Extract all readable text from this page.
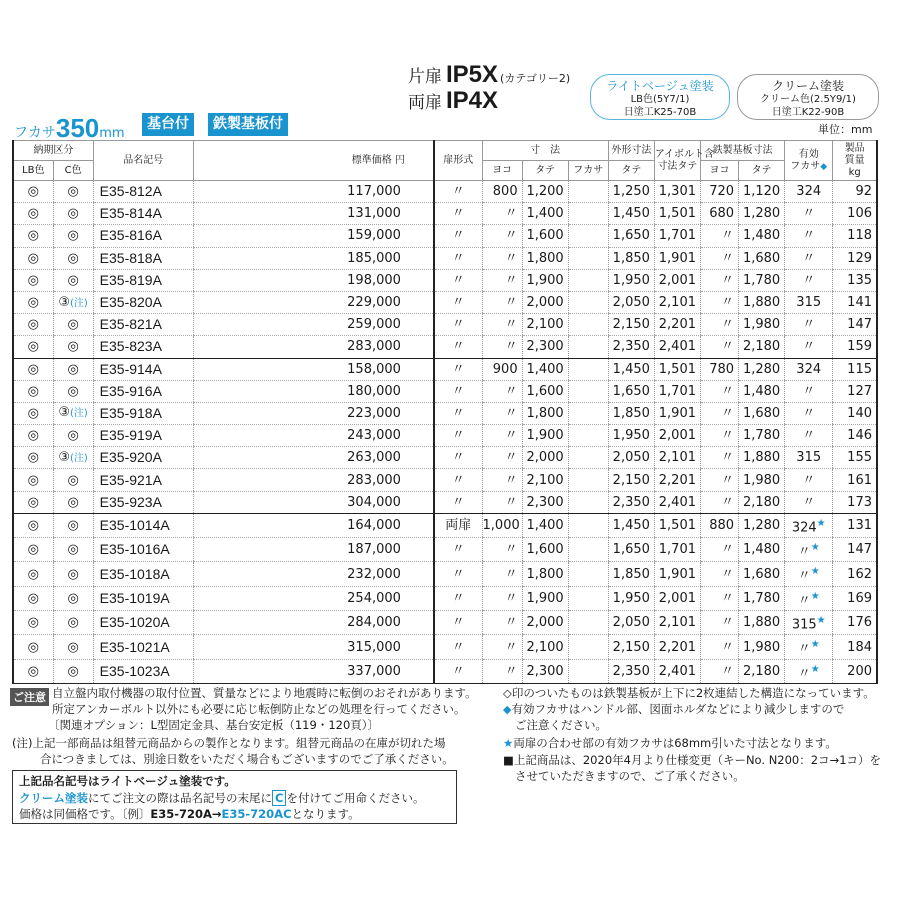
片扉 IP5X (カテゴリー2)
両扉 IP4X
ライトベージュ塗装
LB色(5Y7/1)
日塗工K25-70B
クリーム塗装
クリーム色(2.5Y9/1)
日塗工K22-90B
フカサ350mm
基台付	鉄製基板付	単位：mm
納期区分		品名記号	標準価格 円	扉形式	寸　法			外形寸法	アイボルト含
寸法タテ	鉄製基板寸法		有効
フカサ◆	製品
質量
kg
LB色	C色				ヨコ	タテ	フカサ	タテ		ヨコ	タテ		
◎	◎	E35-812A	117,000	〃	800	1,200		1,250	1,301	720	1,120	324	92
◎	◎	E35-814A	131,000	〃	〃	1,400		1,450	1,501	680	1,280	〃	106
◎	◎	E35-816A	159,000	〃	〃	1,600		1,650	1,701	〃	1,480	〃	118
◎	◎	E35-818A	185,000	〃	〃	1,800		1,850	1,901	〃	1,680	〃	129
◎	◎	E35-819A	198,000	〃	〃	1,900		1,950	2,001	〃	1,780	〃	135
◎	③(注)	E35-820A	229,000	〃	〃	2,000		2,050	2,101	〃	1,880	315	141
◎	◎	E35-821A	259,000	〃	〃	2,100		2,150	2,201	〃	1,980	〃	147
◎	◎	E35-823A	283,000	〃	〃	2,300		2,350	2,401	〃	2,180	〃	159
◎	◎	E35-914A	158,000	〃	900	1,400		1,450	1,501	780	1,280	324	115
◎	◎	E35-916A	180,000	〃	〃	1,600		1,650	1,701	〃	1,480	〃	127
◎	③(注)	E35-918A	223,000	〃	〃	1,800		1,850	1,901	〃	1,680	〃	140
◎	◎	E35-919A	243,000	〃	〃	1,900		1,950	2,001	〃	1,780	〃	146
◎	③(注)	E35-920A	263,000	〃	〃	2,000		2,050	2,101	〃	1,880	315	155
◎	◎	E35-921A	283,000	〃	〃	2,100		2,150	2,201	〃	1,980	〃	161
◎	◎	E35-923A	304,000	〃	〃	2,300		2,350	2,401	〃	2,180	〃	173
◎	◎	E35-1014A	164,000	両扉	1,000	1,400		1,450	1,501	880	1,280	324★	131
◎	◎	E35-1016A	187,000	〃	〃	1,600		1,650	1,701	〃	1,480	〃★	147
◎	◎	E35-1018A	232,000	〃	〃	1,800		1,850	1,901	〃	1,680	〃★	162
◎	◎	E35-1019A	254,000	〃	〃	1,900		1,950	2,001	〃	1,780	〃★	169
◎	◎	E35-1020A	284,000	〃	〃	2,000		2,050	2,101	〃	1,880	315★	176
◎	◎	E35-1021A	315,000	〃	〃	2,100		2,150	2,201	〃	1,980	〃★	184
◎	◎	E35-1023A	337,000	〃	〃	2,300		2,350	2,401	〃	2,180	〃★	200
ご注意 自立盤内取付機器の取付位置、質量などにより地震時に転倒のおそれがあります。
所定アンカーボルト以外にも必要に応じ転倒防止などの処理を行ってください。
〔関連オプション：L型固定金具、基台安定板（119・120頁）〕
(注)上記一部商品は組替元商品からの製作となります。組替元商品の在庫が切れた場
合につきましては、別途日数をいただく場合もございますのでご了承ください。
◇印のついたものは鉄製基板が上下に2枚連結した構造になっています。
◆有効フカサはハンドル部、図面ホルダなどにより減少しますので
ご注意ください。
★両扉の合わせ部の有効フカサは68mm引いた寸法となります。
■上記商品は、2020年4月より仕様変更（キーNo. N200：2コ→1コ）を
させていただきますので、ご了承ください。
上記品名記号はライトベージュ塗装です。
クリーム塗装にてご注文の際は品名記号の末尾に C を付けてご用命ください。
価格は同価格です。〔例〕E35-720A→E35-720ACとなります。
